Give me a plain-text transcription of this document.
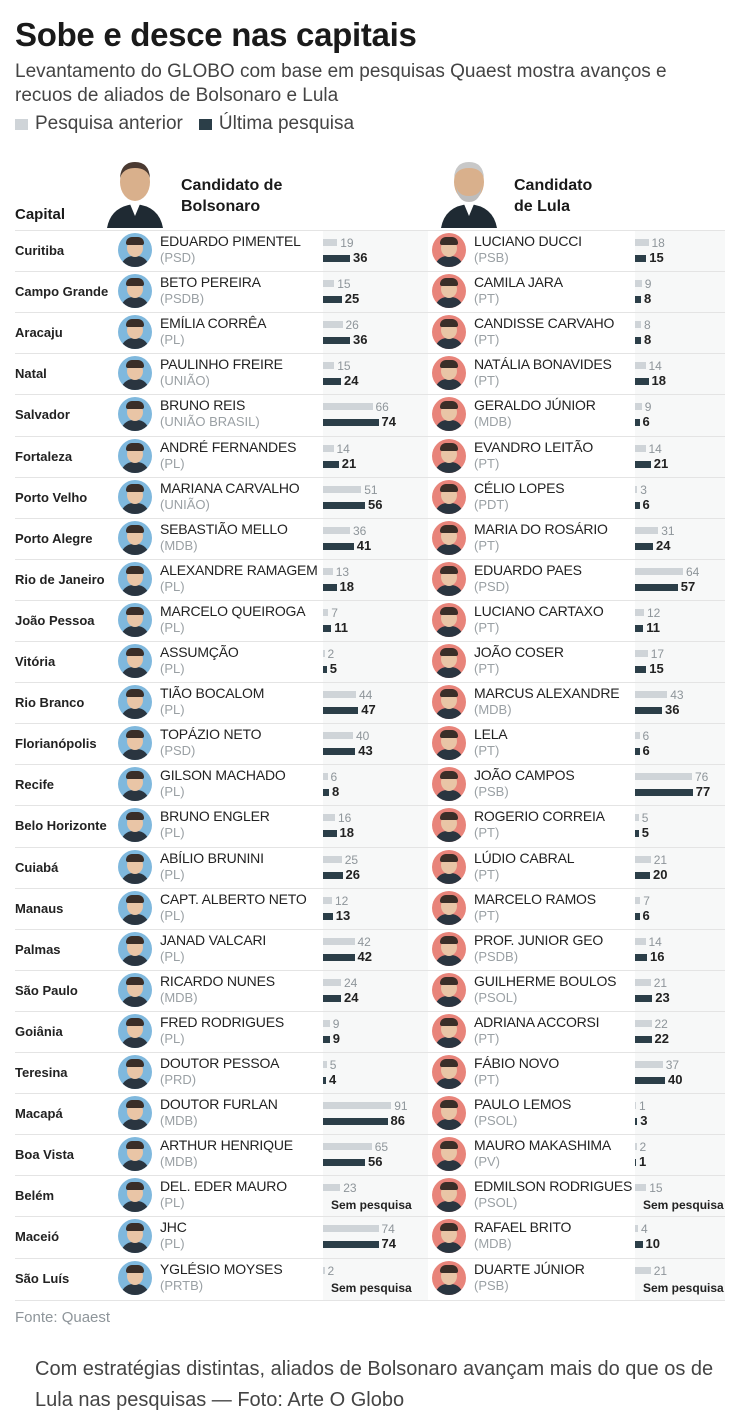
Sobe e desce nas capitais
Levantamento do GLOBO com base em pesquisas Quaest mostra avanços e recuos de aliados de Bolsonaro e Lula
Pesquisa anterior Última pesquisa
Candidato de Bolsonaro
Candidato de Lula
Capital
Curitiba
EDUARDO PIMENTEL
(PSD)
19
36
LUCIANO DUCCI
(PSB)
18
15
Campo Grande
BETO PEREIRA
(PSDB)
15
25
CAMILA JARA
(PT)
9
8
Aracaju
EMÍLIA CORRÊA
(PL)
26
36
CANDISSE CARVAHO
(PT)
8
8
Natal
PAULINHO FREIRE
(UNIÃO)
15
24
NATÁLIA BONAVIDES
(PT)
14
18
Salvador
BRUNO REIS
(UNIÃO BRASIL)
66
74
GERALDO JÚNIOR
(MDB)
9
6
Fortaleza
ANDRÉ FERNANDES
(PL)
14
21
EVANDRO LEITÃO
(PT)
14
21
Porto Velho
MARIANA CARVALHO
(UNIÃO)
51
56
CÉLIO LOPES
(PDT)
3
6
Porto Alegre
SEBASTIÃO MELLO
(MDB)
36
41
MARIA DO ROSÁRIO
(PT)
31
24
Rio de Janeiro
ALEXANDRE RAMAGEM
(PL)
13
18
EDUARDO PAES
(PSD)
64
57
João Pessoa
MARCELO QUEIROGA
(PL)
7
11
LUCIANO CARTAXO
(PT)
12
11
Vitória
ASSUMÇÃO
(PL)
2
5
JOÃO COSER
(PT)
17
15
Rio Branco
TIÃO BOCALOM
(PL)
44
47
MARCUS ALEXANDRE
(MDB)
43
36
Florianópolis
TOPÁZIO NETO
(PSD)
40
43
LELA
(PT)
6
6
Recife
GILSON MACHADO
(PL)
6
8
JOÃO CAMPOS
(PSB)
76
77
Belo Horizonte
BRUNO ENGLER
(PL)
16
18
ROGERIO CORREIA
(PT)
5
5
Cuiabá
ABÍLIO BRUNINI
(PL)
25
26
LÚDIO CABRAL
(PT)
21
20
Manaus
CAPT. ALBERTO NETO
(PL)
12
13
MARCELO RAMOS
(PT)
7
6
Palmas
JANAD VALCARI
(PL)
42
42
PROF. JUNIOR GEO
(PSDB)
14
16
São Paulo
RICARDO NUNES
(MDB)
24
24
GUILHERME BOULOS
(PSOL)
21
23
Goiânia
FRED RODRIGUES
(PL)
9
9
ADRIANA ACCORSI
(PT)
22
22
Teresina
DOUTOR PESSOA
(PRD)
5
4
FÁBIO NOVO
(PT)
37
40
Macapá
DOUTOR FURLAN
(MDB)
91
86
PAULO LEMOS
(PSOL)
1
3
Boa Vista
ARTHUR HENRIQUE
(MDB)
65
56
MAURO MAKASHIMA
(PV)
2
1
Belém
DEL. EDER MAURO
(PL)
23
Sem pesquisa
EDMILSON RODRIGUES
(PSOL)
15
Sem pesquisa
Maceió
JHC
(PL)
74
74
RAFAEL BRITO
(MDB)
4
10
São Luís
YGLÉSIO MOYSES
(PRTB)
2
Sem pesquisa
DUARTE JÚNIOR
(PSB)
21
Sem pesquisa
Fonte: Quaest
Com estratégias distintas, aliados de Bolsonaro avançam mais do que os de Lula nas pesquisas — Foto: Arte O Globo
